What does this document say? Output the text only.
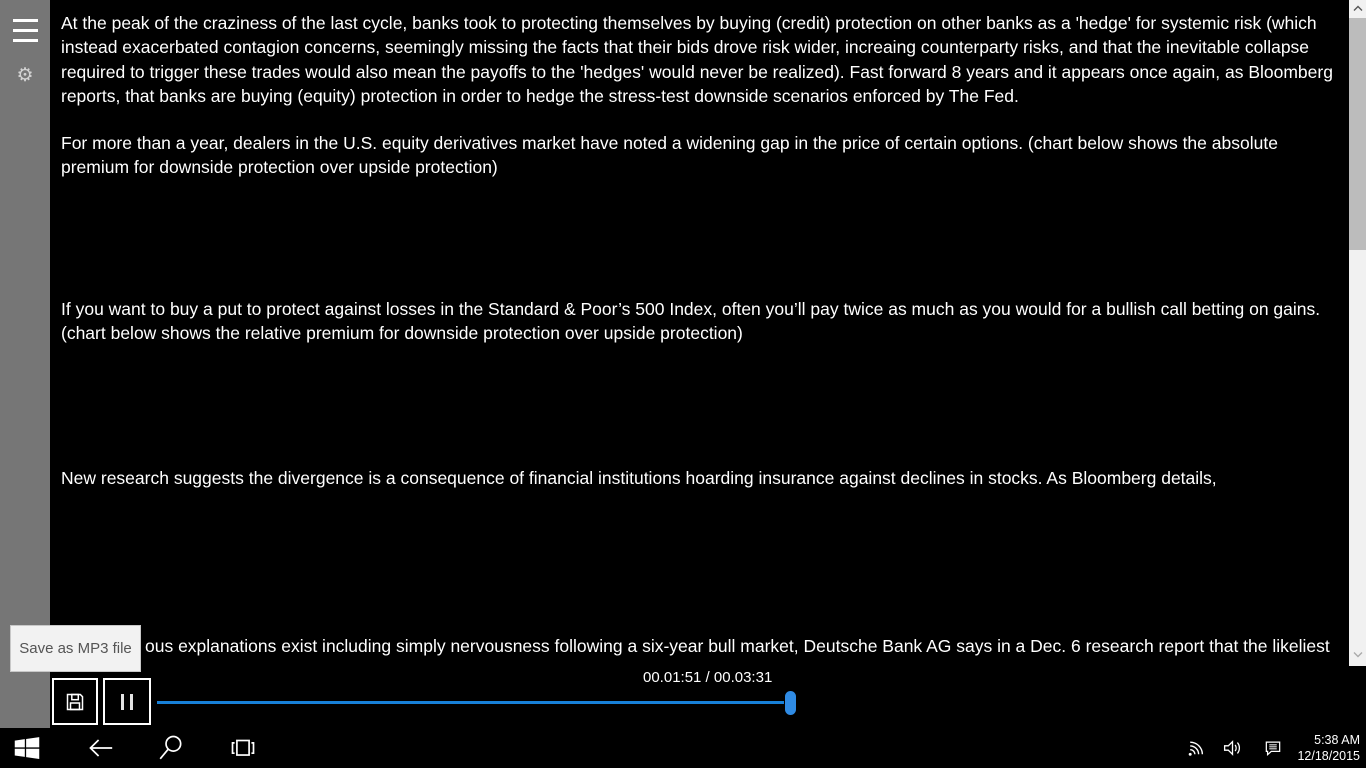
⚙
At the peak of the craziness of the last cycle, banks took to protecting themselves by buying (credit) protection on other banks as a 'hedge' for systemic risk (which instead exacerbated contagion concerns, seemingly missing the facts that their bids drove risk wider, increaing counterparty risks, and that the inevitable collapse required to trigger these trades would also mean the payoffs to the 'hedges' would never be realized). Fast forward 8 years and it appears once again, as Bloomberg reports, that banks are buying (equity) protection in order to hedge the stress-test downside scenarios enforced by The Fed.
For more than a year, dealers in the U.S. equity derivatives market have noted a widening gap in the price of certain options. (chart below shows the absolute premium for downside protection over upside protection)
If you want to buy a put to protect against losses in the Standard & Poor’s 500 Index, often you’ll pay twice as much as you would for a bullish call betting on gains. (chart below shows the relative premium for downside protection over upside protection)
New research suggests the divergence is a consequence of financial institutions hoarding insurance against declines in stocks. As Bloomberg details,
ous explanations exist including simply nervousness following a six-year bull market, Deutsche Bank AG says in a Dec. 6 research report that the likeliest
Save as MP3 file
00.01:51 / 00.03:31
5:38 AM
12/18/2015
